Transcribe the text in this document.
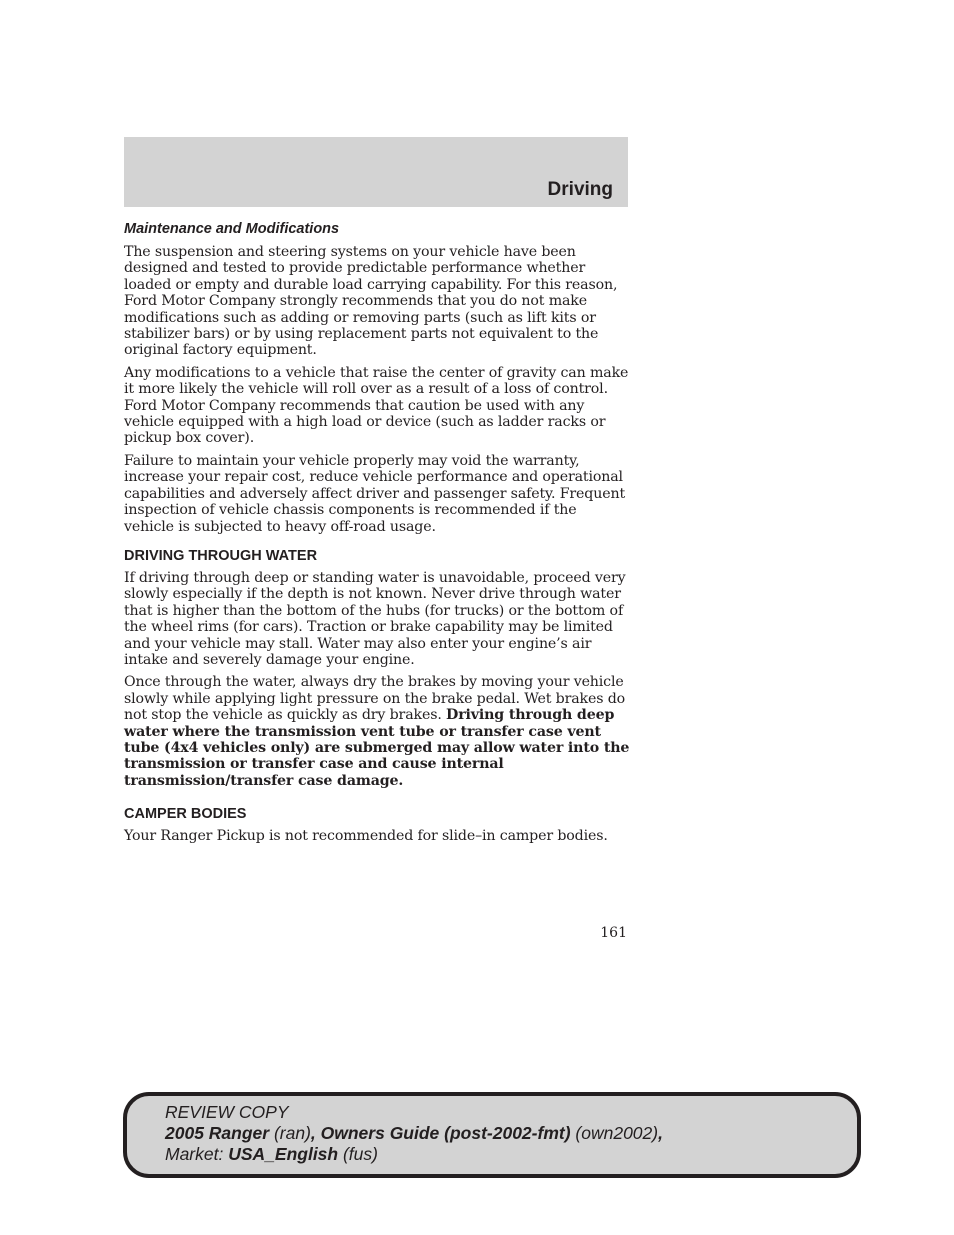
Driving
Maintenance and Modifications

The suspension and steering systems on your vehicle have been designed and tested to provide predictable performance whether loaded or empty and durable load carrying capability. For this reason, Ford Motor Company strongly recommends that you do not make modifications such as adding or removing parts (such as lift kits or stabilizer bars) or by using replacement parts not equivalent to the original factory equipment.

Any modifications to a vehicle that raise the center of gravity can make it more likely the vehicle will roll over as a result of a loss of control. Ford Motor Company recommends that caution be used with any vehicle equipped with a high load or device (such as ladder racks or pickup box cover).

Failure to maintain your vehicle properly may void the warranty, increase your repair cost, reduce vehicle performance and operational capabilities and adversely affect driver and passenger safety. Frequent inspection of vehicle chassis components is recommended if the vehicle is subjected to heavy off-road usage.

DRIVING THROUGH WATER

If driving through deep or standing water is unavoidable, proceed very slowly especially if the depth is not known. Never drive through water that is higher than the bottom of the hubs (for trucks) or the bottom of the wheel rims (for cars). Traction or brake capability may be limited and your vehicle may stall. Water may also enter your engine’s air intake and severely damage your engine.

Once through the water, always dry the brakes by moving your vehicle slowly while applying light pressure on the brake pedal. Wet brakes do not stop the vehicle as quickly as dry brakes. Driving through deep water where the transmission vent tube or transfer case vent tube (4x4 vehicles only) are submerged may allow water into the transmission or transfer case and cause internal transmission/transfer case damage.

CAMPER BODIES

Your Ranger Pickup is not recommended for slide–in camper bodies.

161
REVIEW COPY
2005 Ranger (ran), Owners Guide (post-2002-fmt) (own2002),
Market: USA_English (fus)
